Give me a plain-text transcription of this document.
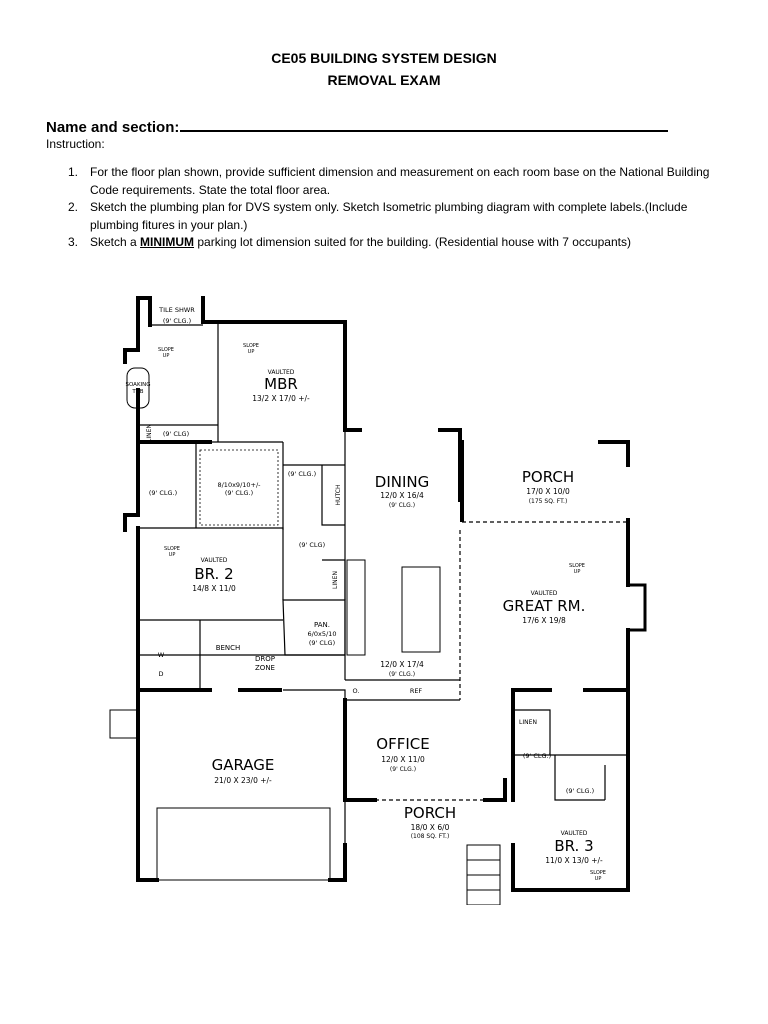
CE05 BUILDING SYSTEM DESIGN
REMOVAL EXAM
Name and section:
Instruction:
1. For the floor plan shown, provide sufficient dimension and measurement on each room base on the National Building Code requirements. State the total floor area.
2. Sketch the plumbing plan for DVS system only. Sketch Isometric plumbing diagram with complete labels.(Include plumbing fitures in your plan.)
3. Sketch a MINIMUM parking lot dimension suited for the building. (Residential house with 7 occupants)
VAULTED
MBR
13/2 X 17/0 +/-
DINING
12/0 X 16/4
(9' CLG.)
PORCH
17/0 X 10/0
(175 SQ. FT.)
VAULTED
GREAT RM.
17/6 X 19/8
VAULTED
BR. 2
14/8 X 11/0
GARAGE
21/0 X 23/0 +/-
OFFICE
12/0 X 11/0
(9' CLG.)
PORCH
18/0 X 6/0
(108 SQ. FT.)	VAULTED
BR. 3
11/0 X 13/0 +/-
12/0 X 17/4
(9' CLG.)
8/10x9/10+/-
(9' CLG.)
PAN.
6/0x5/10
(9' CLG)
TILE SHWR
(9' CLG.)
SLOPE
UP
SLOPE
UP
SOAKING
TUB
(9' CLG)
(9' CLG.)
(9' CLG.)
(9' CLG)
SLOPE
UP
SLOPE
UP
(9' CLG.)
(9' CLG.)
SLOPE
UP
BENCH
DROP
ZONE
W
D
O.	REF
HUTCH
LINEN
LINEN
LINEN
